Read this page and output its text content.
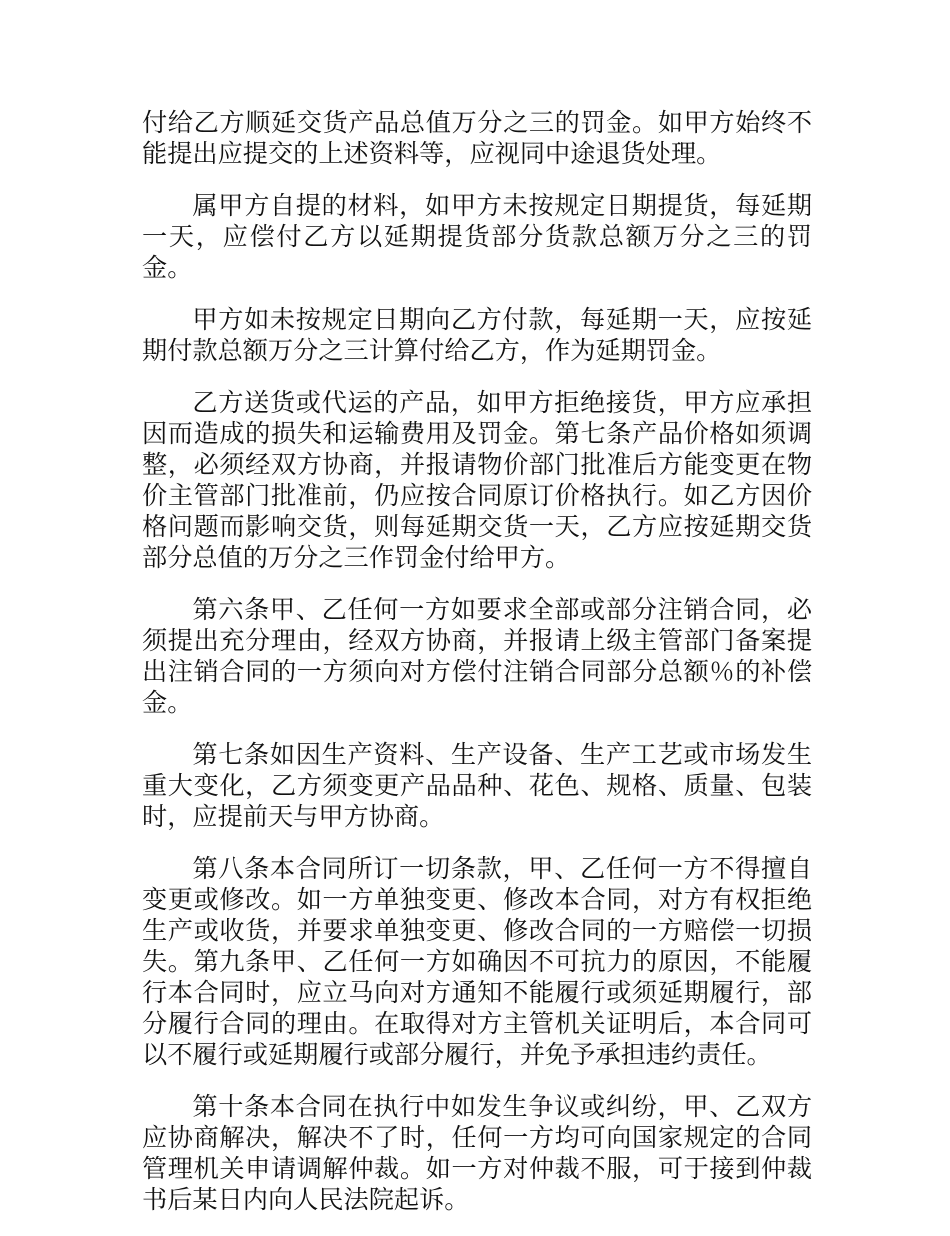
付给乙方顺延交货产品总值万分之三的罚金。如甲方始终不能提出应提交的上述资料等，应视同中途退货处理。

属甲方自提的材料，如甲方未按规定日期提货，每延期一天，应偿付乙方以延期提货部分货款总额万分之三的罚金。

甲方如未按规定日期向乙方付款，每延期一天，应按延期付款总额万分之三计算付给乙方，作为延期罚金。

乙方送货或代运的产品，如甲方拒绝接货，甲方应承担因而造成的损失和运输费用及罚金。第七条产品价格如须调整，必须经双方协商，并报请物价部门批准后方能变更在物价主管部门批准前，仍应按合同原订价格执行。如乙方因价格问题而影响交货，则每延期交货一天，乙方应按延期交货部分总值的万分之三作罚金付给甲方。

第六条甲、乙任何一方如要求全部或部分注销合同，必须提出充分理由，经双方协商，并报请上级主管部门备案提出注销合同的一方须向对方偿付注销合同部分总额％的补偿金。

第七条如因生产资料、生产设备、生产工艺或市场发生重大变化，乙方须变更产品品种、花色、规格、质量、包装时，应提前天与甲方协商。

第八条本合同所订一切条款，甲、乙任何一方不得擅自变更或修改。如一方单独变更、修改本合同，对方有权拒绝生产或收货，并要求单独变更、修改合同的一方赔偿一切损失。第九条甲、乙任何一方如确因不可抗力的原因，不能履行本合同时，应立马向对方通知不能履行或须延期履行，部分履行合同的理由。在取得对方主管机关证明后，本合同可以不履行或延期履行或部分履行，并免予承担违约责任。

第十条本合同在执行中如发生争议或纠纷，甲、乙双方应协商解决，解决不了时，任何一方均可向国家规定的合同管理机关申请调解仲裁。如一方对仲裁不服，可于接到仲裁书后某日内向人民法院起诉。
